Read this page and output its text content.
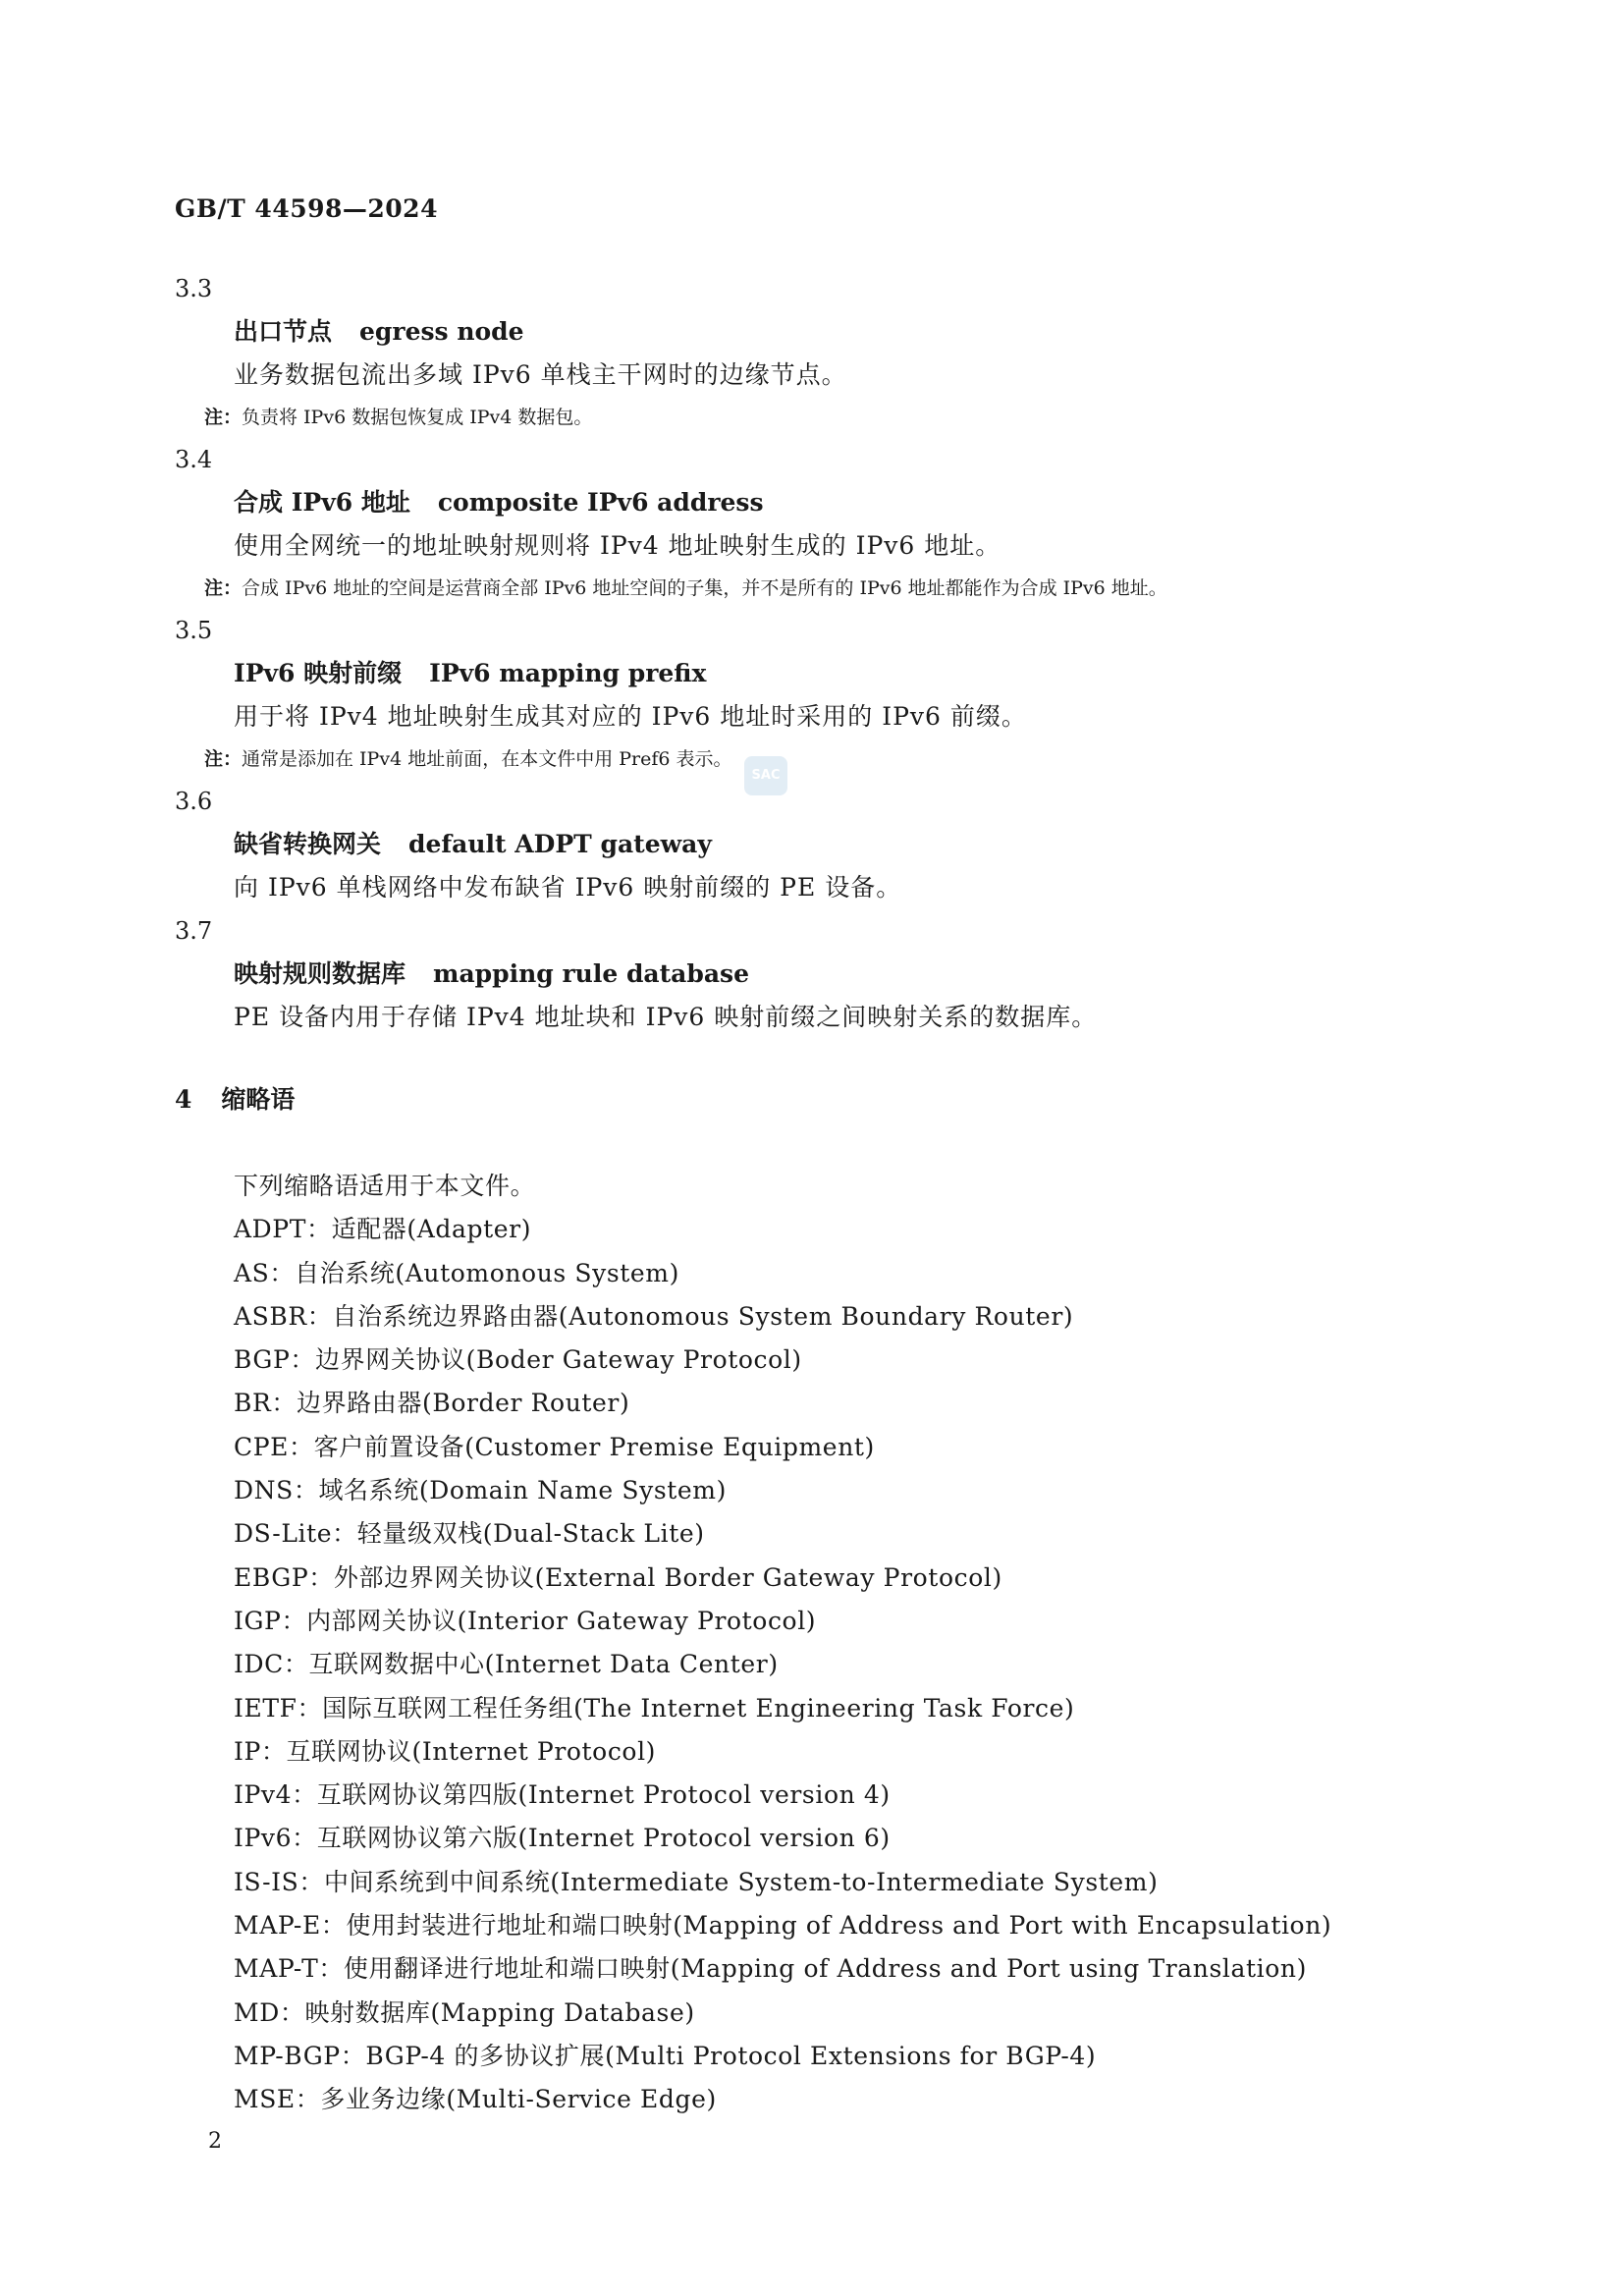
GB/T 44598—2024
3.3
出口节点 egress node
业务数据包流出多域 IPv6 单栈主干网时的边缘节点。
注：负责将 IPv6 数据包恢复成 IPv4 数据包。
3.4
合成 IPv6 地址 composite IPv6 address
使用全网统一的地址映射规则将 IPv4 地址映射生成的 IPv6 地址。
注：合成 IPv6 地址的空间是运营商全部 IPv6 地址空间的子集，并不是所有的 IPv6 地址都能作为合成 IPv6 地址。
3.5
IPv6 映射前缀 IPv6 mapping prefix
用于将 IPv4 地址映射生成其对应的 IPv6 地址时采用的 IPv6 前缀。
注：通常是添加在 IPv4 地址前面，在本文件中用 Pref6 表示。
3.6
缺省转换网关 default ADPT gateway
向 IPv6 单栈网络中发布缺省 IPv6 映射前缀的 PE 设备。
3.7
映射规则数据库 mapping rule database
PE 设备内用于存储 IPv4 地址块和 IPv6 映射前缀之间映射关系的数据库。
SAC
4 缩略语
下列缩略语适用于本文件。
ADPT：适配器(Adapter)
AS：自治系统(Automonous System)
ASBR：自治系统边界路由器(Autonomous System Boundary Router)
BGP：边界网关协议(Boder Gateway Protocol)
BR：边界路由器(Border Router)
CPE：客户前置设备(Customer Premise Equipment)
DNS：域名系统(Domain Name System)
DS-Lite：轻量级双栈(Dual-Stack Lite)
EBGP：外部边界网关协议(External Border Gateway Protocol)
IGP：内部网关协议(Interior Gateway Protocol)
IDC：互联网数据中心(Internet Data Center)
IETF：国际互联网工程任务组(The Internet Engineering Task Force)
IP：互联网协议(Internet Protocol)
IPv4：互联网协议第四版(Internet Protocol version 4)
IPv6：互联网协议第六版(Internet Protocol version 6)
IS-IS：中间系统到中间系统(Intermediate System-to-Intermediate System)
MAP-E：使用封装进行地址和端口映射(Mapping of Address and Port with Encapsulation)
MAP-T：使用翻译进行地址和端口映射(Mapping of Address and Port using Translation)
MD：映射数据库(Mapping Database)
MP-BGP：BGP-4 的多协议扩展(Multi Protocol Extensions for BGP-4)
MSE：多业务边缘(Multi-Service Edge)
2
